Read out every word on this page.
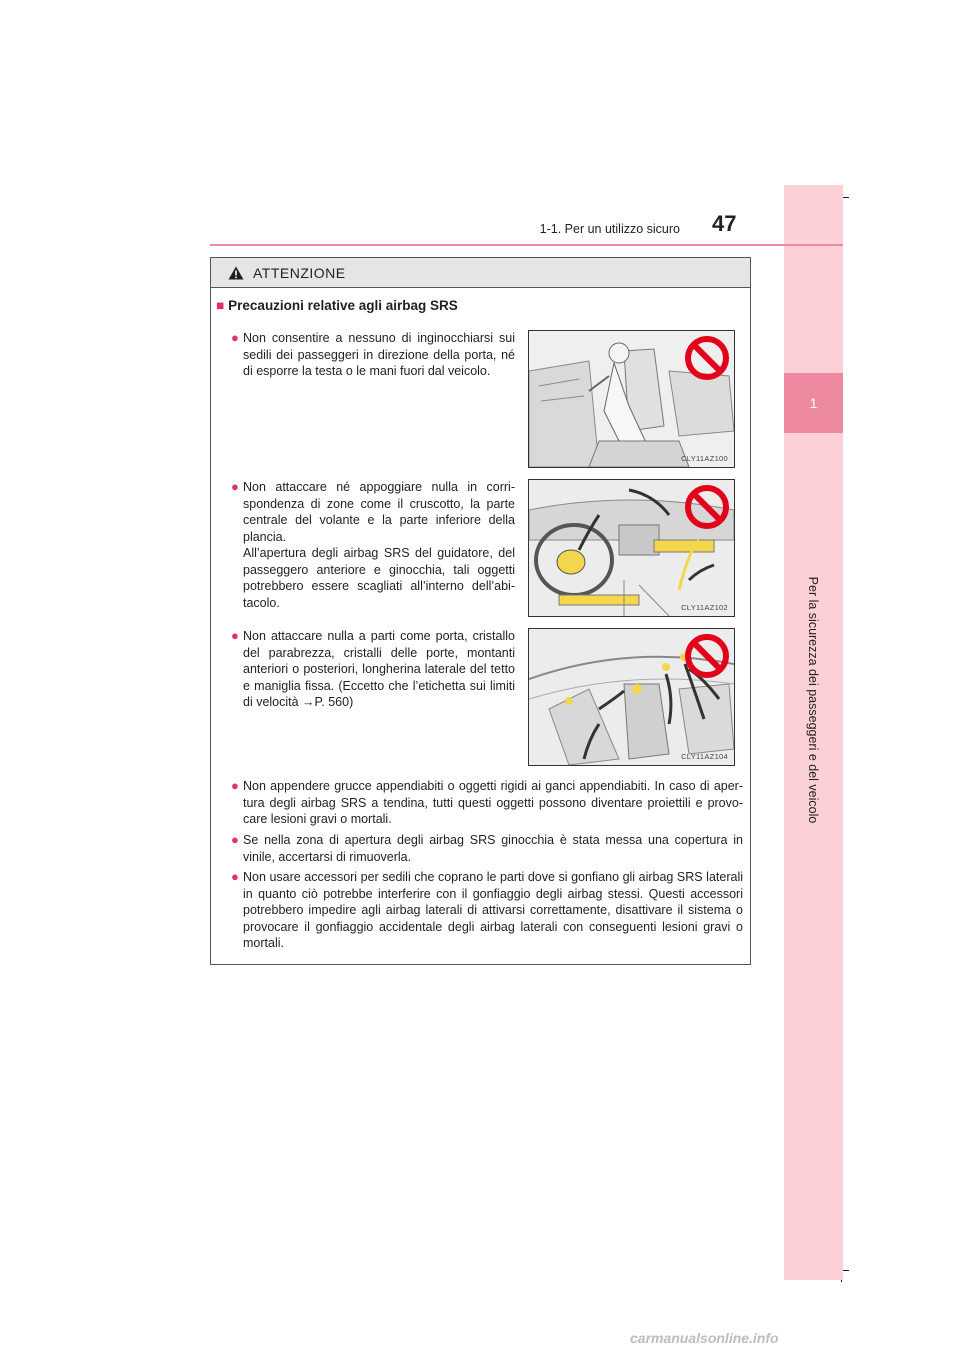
1
Per la sicurezza dei passeggeri e del veicolo
1-1. Per un utilizzo sicuro 47
ATTENZIONE
■ Precauzioni relative agli airbag SRS
● Non consentire a nessuno di inginocchiarsi sui sedili dei passeggeri in direzione della porta, né di esporre la testa o le mani fuori dal veicolo.
CLY11AZ100
● Non attaccare né appoggiare nulla in corri-spondenza di zone come il cruscotto, la parte centrale del volante e la parte inferiore della plancia.
All’apertura degli airbag SRS del guidatore, del passeggero anteriore e ginocchia, tali oggetti potrebbero essere scagliati all’interno dell’abi-tacolo.	CLY11AZ102
● Non attaccare nulla a parti come porta, cristallo del parabrezza, cristalli delle porte, montanti anteriori o posteriori, longherina laterale del tetto e maniglia fissa. (Eccetto che l’etichetta sui limiti di velocità →P. 560)
CLY11AZ104
● Non appendere grucce appendiabiti o oggetti rigidi ai ganci appendiabiti. In caso di aper-tura degli airbag SRS a tendina, tutti questi oggetti possono diventare proiettili e provo-care lesioni gravi o mortali.
● Se nella zona di apertura degli airbag SRS ginocchia è stata messa una copertura in vinile, accertarsi di rimuoverla.
● Non usare accessori per sedili che coprano le parti dove si gonfiano gli airbag SRS laterali in quanto ciò potrebbe interferire con il gonfiaggio degli airbag stessi. Questi accessori potrebbero impedire agli airbag laterali di attivarsi correttamente, disattivare il sistema o provocare il gonfiaggio accidentale degli airbag laterali con conseguenti lesioni gravi o mortali.
carmanualsonline.info
